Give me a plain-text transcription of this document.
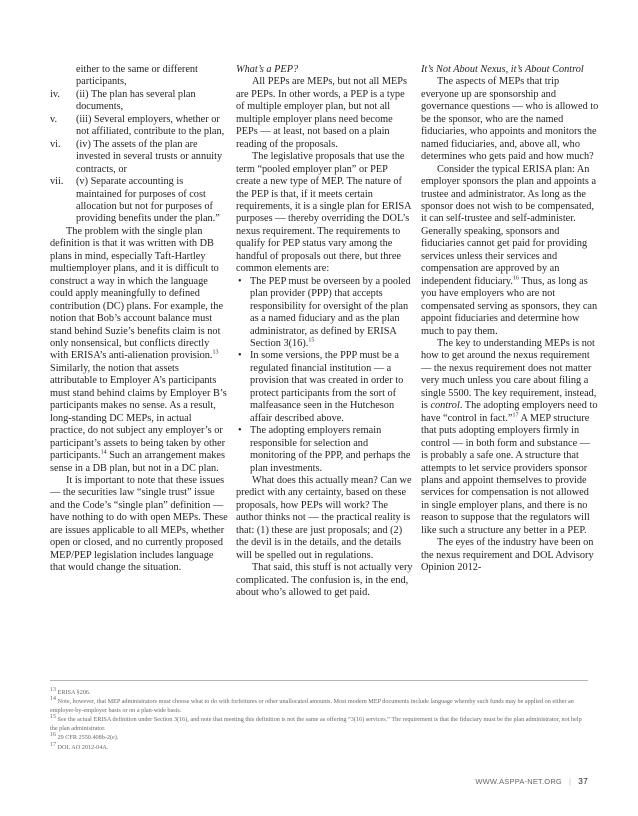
either to the same or different participants,
iv.	(ii) The plan has several plan documents,
v.	(iii) Several employers, whether or not affiliated, contribute to the plan,
vi.	(iv) The assets of the plan are invested in several trusts or annuity contracts, or
vii.	(v) Separate accounting is maintained for purposes of cost allocation but not for purposes of providing benefits under the plan.”

The problem with the single plan definition is that it was written with DB plans in mind, especially Taft-Hartley multiemployer plans, and it is difficult to construct a way in which the language could apply meaningfully to defined contribution (DC) plans. For example, the notion that Bob’s account balance must stand behind Suzie’s benefits claim is not only nonsensical, but conflicts directly with ERISA’s anti-alienation provision.$^{13}$ Similarly, the notion that assets attributable to Employer A’s participants must stand behind claims by Employer B’s participants makes no sense. As a result, long-standing DC MEPs, in actual practice, do not subject any employer’s or participant’s assets to being taken by other participants.$^{14}$ Such an arrangement makes sense in a DB plan, but not in a DC plan.

It is important to note that these issues — the securities law “single trust” issue and the Code’s “single plan” definition — have nothing to do with open MEPs. These are issues applicable to all MEPs, whether open or closed, and no currently proposed MEP/PEP legislation includes language that would change the situation.

What’s a PEP?

All PEPs are MEPs, but not all MEPs are PEPs. In other words, a PEP is a type of multiple employer plan, but not all multiple employer plans need become PEPs — at least, not based on a plain reading of the proposals.

The legislative proposals that use the term “pooled employer plan” or PEP create a new type of MEP. The nature of the PEP is that, if it meets certain requirements, it is a single plan for ERISA purposes — thereby overriding the DOL’s nexus requirement. The requirements to qualify for PEP status vary among the handful of proposals out there, but three common elements are:

• The PEP must be overseen by a pooled plan provider (PPP) that accepts responsibility for oversight of the plan as a named fiduciary and as the plan administrator, as defined by ERISA Section 3(16).$^{15}$
• In some versions, the PPP must be a regulated financial institution — a provision that was created in order to protect participants from the sort of malfeasance seen in the Hutcheson affair described above.
• The adopting employers remain responsible for selection and monitoring of the PPP, and perhaps the plan investments.

What does this actually mean? Can we predict with any certainty, based on these proposals, how PEPs will work? The author thinks not — the practical reality is that: (1) these are just proposals; and (2) the devil is in the details, and the details will be spelled out in regulations.

That said, this stuff is not actually very complicated. The confusion is, in the end, about who’s allowed to get paid.

It’s Not About Nexus, it’s About Control

The aspects of MEPs that trip everyone up are sponsorship and governance questions — who is allowed to be the sponsor, who are the named fiduciaries, who appoints and monitors the named fiduciaries, and, above all, who determines who gets paid and how much?

Consider the typical ERISA plan: An employer sponsors the plan and appoints a trustee and administrator. As long as the sponsor does not wish to be compensated, it can self-trustee and self-administer. Generally speaking, sponsors and fiduciaries cannot get paid for providing services unless their services and compensation are approved by an independent fiduciary.$^{16}$ Thus, as long as you have employers who are not compensated serving as sponsors, they can appoint fiduciaries and determine how much to pay them.

The key to understanding MEPs is not how to get around the nexus requirement — the nexus requirement does not matter very much unless you care about filing a single 5500. The key requirement, instead, is control. The adopting employers need to have “control in fact.”$^{17}$ A MEP structure that puts adopting employers firmly in control — in both form and substance — is probably a safe one. A structure that attempts to let service providers sponsor plans and appoint themselves to provide services for compensation is not allowed in single employer plans, and there is no reason to suppose that the regulators will like such a structure any better in a PEP.

The eyes of the industry have been on the nexus requirement and DOL Advisory Opinion 2012-

$^{13}$ ERISA §206.

$^{14}$ Note, however, that MEP administrators must choose what to do with forfeitures or other unallocated amounts. Most modern MEP documents include language whereby such funds may be applied on either an employer-by-employer basis or on a plan-wide basis.

$^{15}$ See the actual ERISA definition under Section 3(16), and note that meeting this definition is not the same as offering “3(16) services.” The requirement is that the fiduciary must be the plan administrator, not help the plan administrator.

$^{16}$ 29 CFR 2550.408b-2(e).

$^{17}$ DOL AO 2012-04A.

WWW.ASPPA-NET.ORG | 37
